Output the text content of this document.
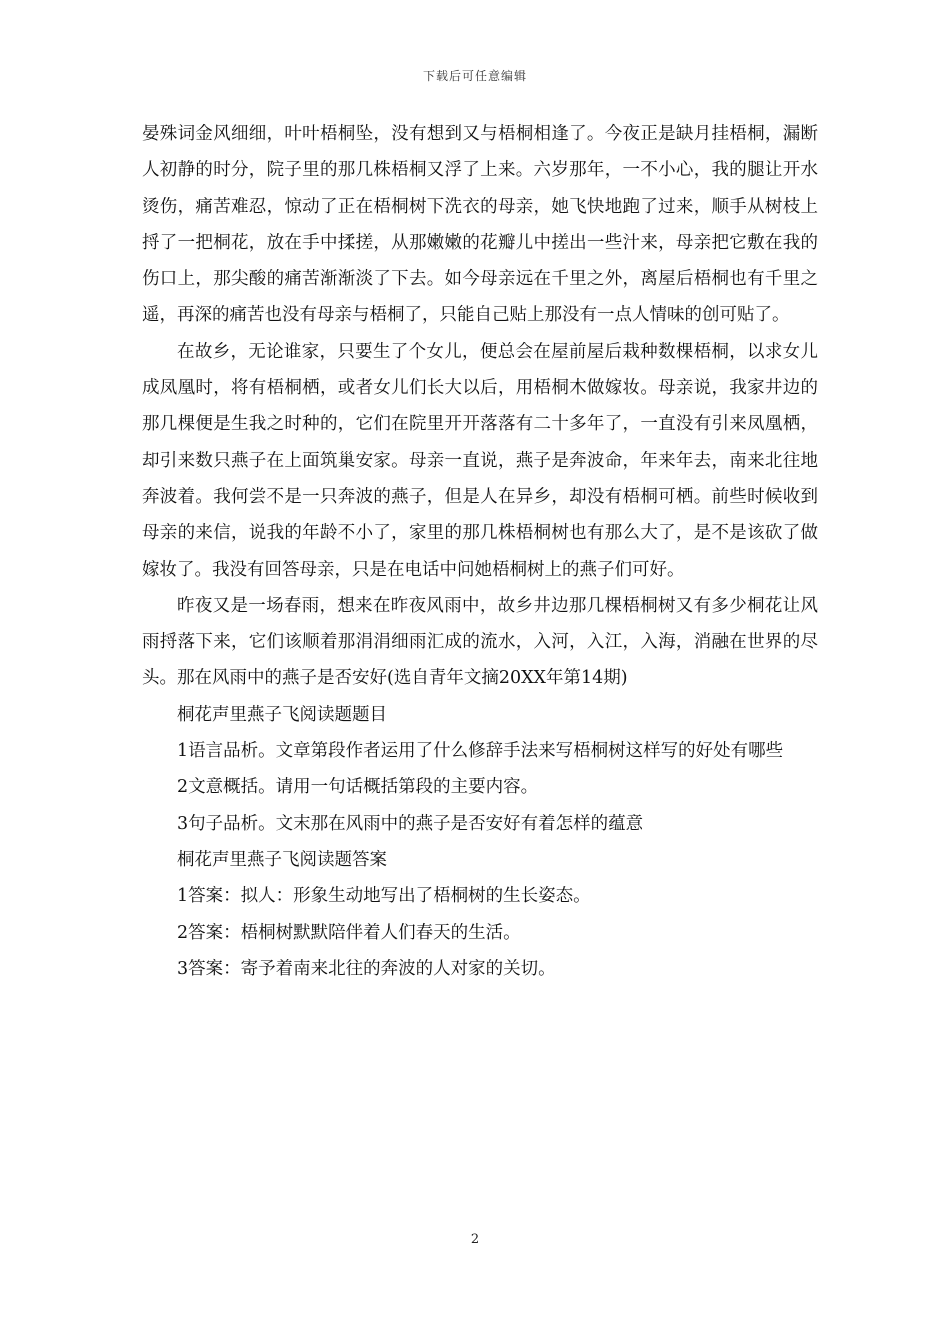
下载后可任意编辑

晏殊词金风细细，叶叶梧桐坠，没有想到又与梧桐相逢了。今夜正是缺月挂梧桐，漏断人初静的时分，院子里的那几株梧桐又浮了上来。六岁那年，一不小心，我的腿让开水烫伤，痛苦难忍，惊动了正在梧桐树下洗衣的母亲，她飞快地跑了过来，顺手从树枝上捋了一把桐花，放在手中揉搓，从那嫩嫩的花瓣儿中搓出一些汁来，母亲把它敷在我的伤口上，那尖酸的痛苦渐渐淡了下去。如今母亲远在千里之外，离屋后梧桐也有千里之遥，再深的痛苦也没有母亲与梧桐了，只能自己贴上那没有一点人情味的创可贴了。

在故乡，无论谁家，只要生了个女儿，便总会在屋前屋后栽种数棵梧桐，以求女儿成凤凰时，将有梧桐栖，或者女儿们长大以后，用梧桐木做嫁妆。母亲说，我家井边的那几棵便是生我之时种的，它们在院里开开落落有二十多年了，一直没有引来凤凰栖，却引来数只燕子在上面筑巢安家。母亲一直说，燕子是奔波命，年来年去，南来北往地奔波着。我何尝不是一只奔波的燕子，但是人在异乡，却没有梧桐可栖。前些时候收到母亲的来信，说我的年龄不小了，家里的那几株梧桐树也有那么大了，是不是该砍了做嫁妆了。我没有回答母亲，只是在电话中问她梧桐树上的燕子们可好。

昨夜又是一场春雨，想来在昨夜风雨中，故乡井边那几棵梧桐树又有多少桐花让风雨捋落下来，它们该顺着那涓涓细雨汇成的流水，入河，入江，入海，消融在世界的尽头。那在风雨中的燕子是否安好(选自青年文摘20XX年第14期)

桐花声里燕子飞阅读题题目

1语言品析。文章第段作者运用了什么修辞手法来写梧桐树这样写的好处有哪些

2文意概括。请用一句话概括第段的主要内容。

3句子品析。文末那在风雨中的燕子是否安好有着怎样的蕴意

桐花声里燕子飞阅读题答案

1答案：拟人：形象生动地写出了梧桐树的生长姿态。

2答案：梧桐树默默陪伴着人们春天的生活。

3答案：寄予着南来北往的奔波的人对家的关切。

2
